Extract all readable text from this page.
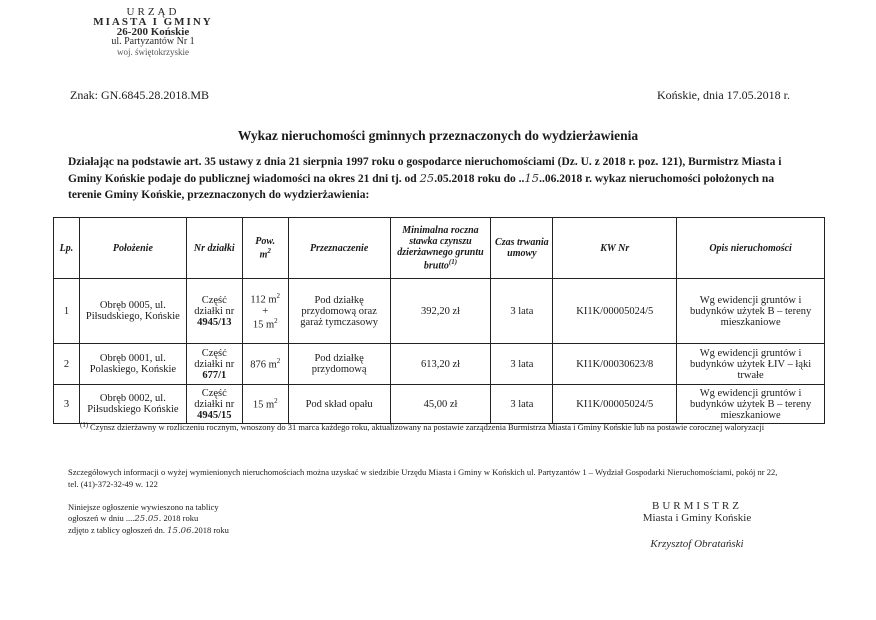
URZĄD
MIASTA I GMINY
26-200 Końskie
ul. Partyzantów Nr 1
woj. świętokrzyskie
Znak: GN.6845.28.2018.MB	Końskie, dnia 17.05.2018 r.
Wykaz nieruchomości gminnych przeznaczonych do wydzierżawienia
Działając na podstawie art. 35 ustawy z dnia 21 sierpnia 1997 roku o gospodarce nieruchomościami (Dz. U. z 2018 r. poz. 121), Burmistrz Miasta i Gminy Końskie podaje do publicznej wiadomości na okres 21 dni tj. od 25.05.2018 roku do ..15..06.2018 r. wykaz nieruchomości położonych na terenie Gminy Końskie, przeznaczonych do wydzierżawienia:
Lp.	Położenie	Nr działki	Pow.
$m^2$	Przeznaczenie	Minimalna roczna stawka czynszu dzierżawnego gruntu brutto$^{(1)}$	Czas trwania umowy	KW Nr	Opis nieruchomości
1	Obręb 0005, ul. Piłsudskiego, Końskie	Część działki nr
4945/13	112 $m^2$
+
15 $m^2$	Pod działkę przydomową oraz garaż tymczasowy	392,20 zł	3 lata	KI1K/00005024/5	Wg ewidencji gruntów i budynków użytek B – tereny mieszkaniowe
2	Obręb 0001, ul. Polaskiego, Końskie	Część działki nr
677/1	876 $m^2$	Pod działkę przydomową	613,20 zł	3 lata	KI1K/00030623/8	Wg ewidencji gruntów i budynków użytek ŁIV – łąki trwałe
3	Obręb 0002, ul. Piłsudskiego Końskie	Część działki nr
4945/15	15 $m^2$	Pod skład opału	45,00 zł	3 lata	KI1K/00005024/5	Wg ewidencji gruntów i budynków użytek B – tereny mieszkaniowe
(1) Czynsz dzierżawny w rozliczeniu rocznym, wnoszony do 31 marca każdego roku, aktualizowany na postawie zarządzenia Burmistrza Miasta i Gminy Końskie lub na postawie corocznej waloryzacji
Szczegółowych informacji o wyżej wymienionych nieruchomościach można uzyskać w siedzibie Urzędu Miasta i Gminy w Końskich ul. Partyzantów 1 – Wydział Gospodarki Nieruchomościami, pokój nr 22, tel. (41)-372-32-49 w. 122
Niniejsze ogłoszenie wywieszono na tablicy
ogłoszeń w dniu ....25.05. 2018 roku
zdjęto z tablicy ogłoszeń dn. 15.06.2018 roku
BURMISTRZ
Miasta i Gminy Końskie
Krzysztof Obratański
